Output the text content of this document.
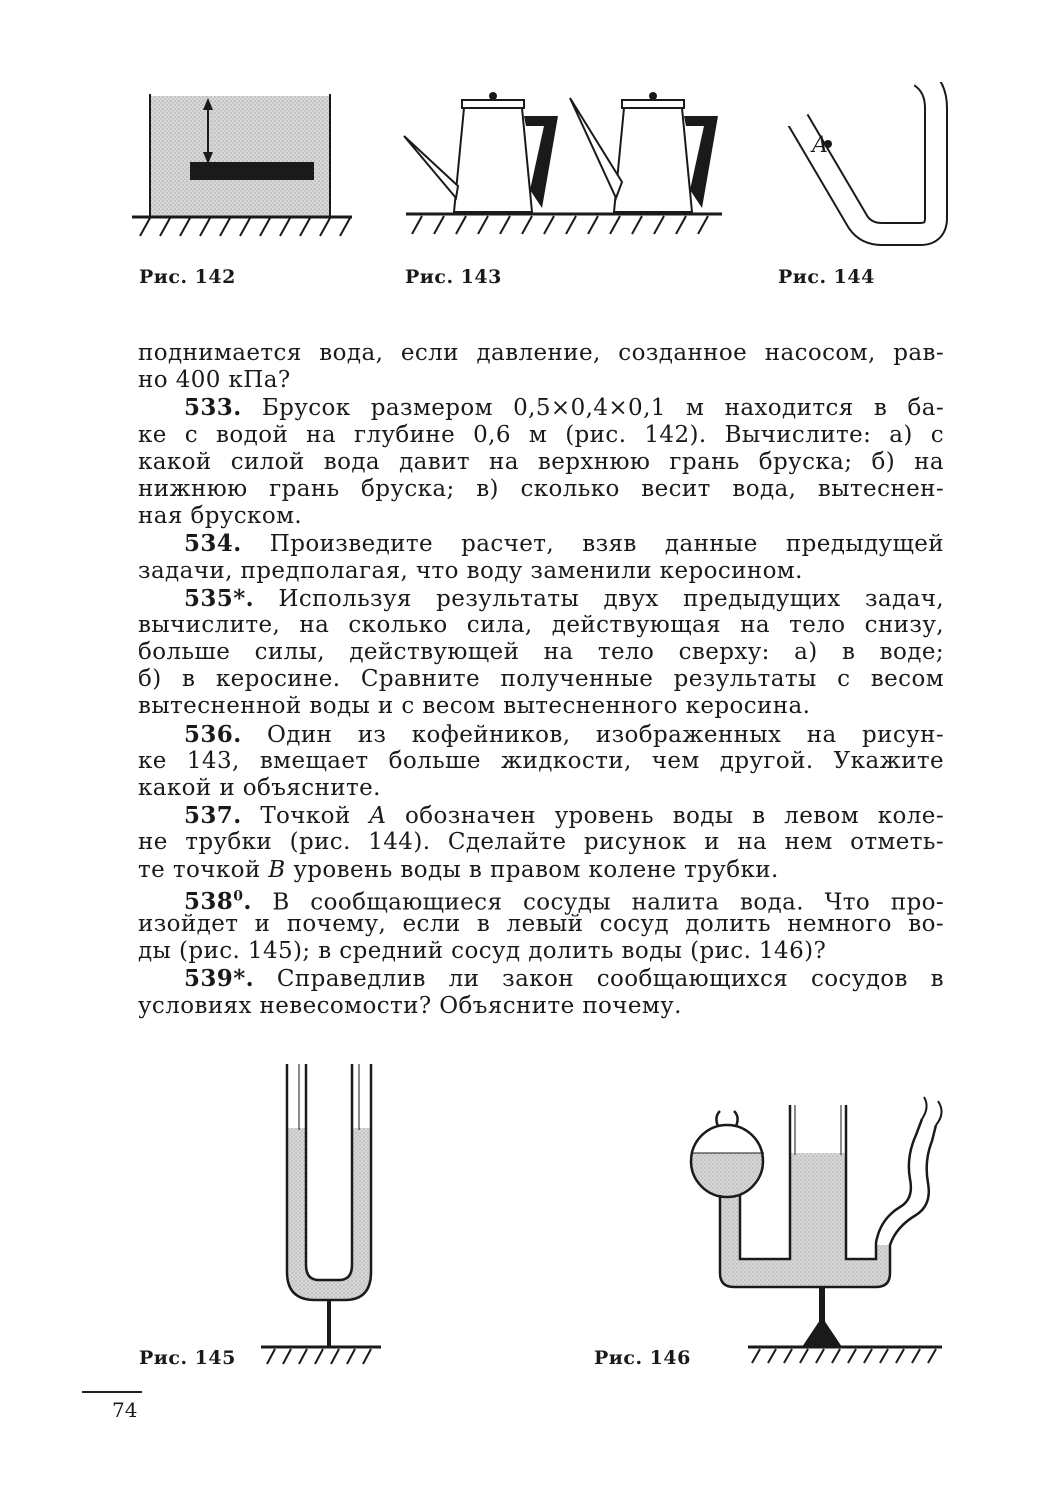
Рис. 142	Рис. 143
A
Рис. 144
поднимается вода, если давление, созданное насосом, рав-
но 400 кПа?
533. Брусок размером 0,5×0,4×0,1 м находится в ба-
ке с водой на глубине 0,6 м (рис. 142). Вычислите: а) с
какой силой вода давит на верхнюю грань бруска; б) на
нижнюю грань бруска; в) сколько весит вода, вытеснен-
ная бруском.
534. Произведите расчет, взяв данные предыдущей
задачи, предполагая, что воду заменили керосином.
535*. Используя результаты двух предыдущих задач,
вычислите, на сколько сила, действующая на тело снизу,
больше силы, действующей на тело сверху: а) в воде;
б) в керосине. Сравните полученные результаты с весом
вытесненной воды и с весом вытесненного керосина.
536. Один из кофейников, изображенных на рисун-
ке 143, вмещает больше жидкости, чем другой. Укажите
какой и объясните.
537. Точкой A обозначен уровень воды в левом коле-
не трубки (рис. 144). Сделайте рисунок и на нем отметь-
те точкой B уровень воды в правом колене трубки.
$538^0$. В сообщающиеся сосуды налита вода. Что про-
изойдет и почему, если в левый сосуд долить немного во-
ды (рис. 145); в средний сосуд долить воды (рис. 146)?
539*. Справедлив ли закон сообщающихся сосудов в
условиях невесомости? Объясните почему.
Рис. 145	Рис. 146
74
